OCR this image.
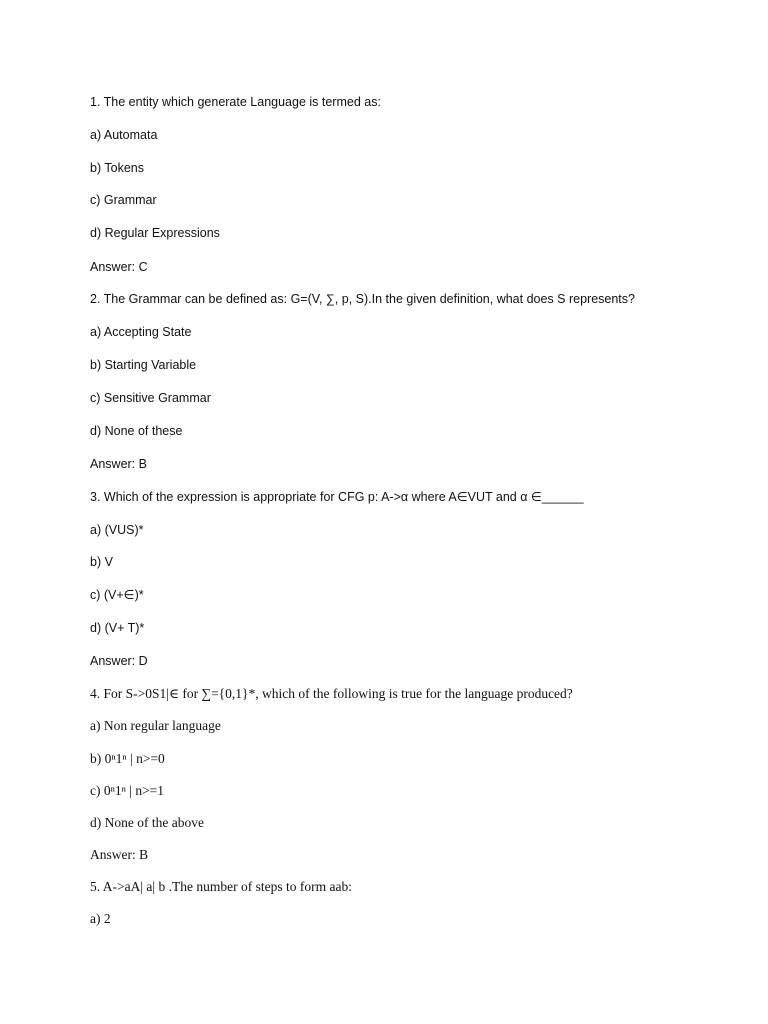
1. The entity which generate Language is termed as:
a) Automata
b) Tokens
c) Grammar
d) Regular Expressions
Answer: C
2. The Grammar can be defined as: G=(V, ∑, p, S).In the given definition, what does S represents?
a) Accepting State
b) Starting Variable
c) Sensitive Grammar
d) None of these
Answer: B
3. Which of the expression is appropriate for CFG p: A->α where A∈VUT and α ∈______
a) (VUS)*
b) V
c) (V+∈)*
d) (V+ T)*
Answer: D
4. For S->0S1|∈ for ∑={0,1}*, which of the following is true for the language produced?
a) Non regular language
b) 0ⁿ1ⁿ | n>=0
c) 0ⁿ1ⁿ | n>=1
d) None of the above
Answer: B
5. A->aA| a| b .The number of steps to form aab:
a) 2
